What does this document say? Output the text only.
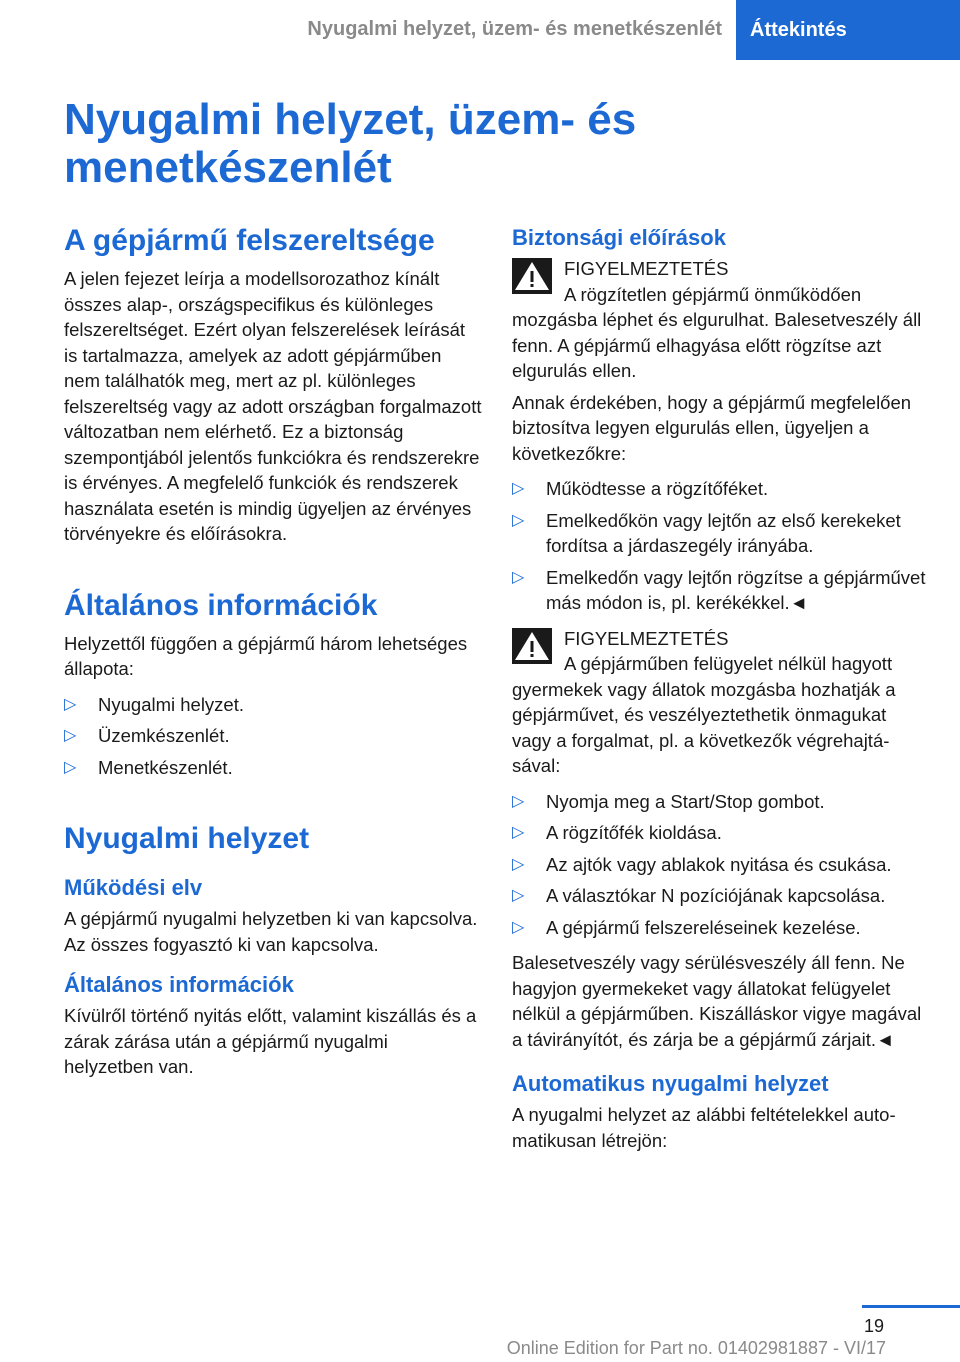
Nyugalmi helyzet, üzem- és menetkészenlét	Áttekintés
Nyugalmi helyzet, üzem- és
menetkészenlét
A gépjármű felszereltsége

A jelen fejezet leírja a modellsorozathoz kínált összes alap-, országspecifikus és különleges felszereltséget. Ezért olyan felszerelések leírását is tartalmazza, amelyek az adott gépjárműben nem találhatók meg, mert az pl. különleges felszereltség vagy az adott országban forgalmazott változatban nem elérhető. Ez a biztonság szempontjából jelentős funkciókra és rendszerekre is érvényes. A megfelelő funkciók és rendszerek használata esetén is mindig ügyeljen az érvényes törvényekre és előírásokra.

Általános információk

Helyzettől függően a gépjármű három lehetséges állapota:

▷ Nyugalmi helyzet.
▷ Üzemkészenlét.
▷ Menetkészenlét.
Nyugalmi helyzet
Működési elv

A gépjármű nyugalmi helyzetben ki van kapcsolva. Az összes fogyasztó ki van kapcsolva.

Általános információk

Kívülről történő nyitás előtt, valamint kiszállás és a zárak zárása után a gépjármű nyugalmi helyzetben van.

Biztonsági előírások
FIGYELMEZTETÉS
A rögzítetlen gépjármű önműködően mozgásba léphet és elgurulhat. Balesetveszély áll fenn. A gépjármű elhagyása előtt rögzítse azt elgurulás ellen.

Annak érdekében, hogy a gépjármű megfelelően biztosítva legyen elgurulás ellen, ügyeljen a következőkre:

▷ Működtesse a rögzítőféket.
▷ Emelkedőkön vagy lejtőn az első kerekeket fordítsa a járdaszegély irányába.
▷ Emelkedőn vagy lejtőn rögzítse a gépjárművet más módon is, pl. kerékékkel.◄
FIGYELMEZTETÉS
A gépjárműben felügyelet nélkül hagyott gyermekek vagy állatok mozgásba hozhatják a gépjárművet, és veszélyeztethetik önmagukat vagy a forgalmat, pl. a következők végrehajtásával:
▷ Nyomja meg a Start/Stop gombot.
▷ A rögzítőfék kioldása.
▷ Az ajtók vagy ablakok nyitása és csukása.
▷ A választókar N pozíciójának kapcsolása.
▷ A gépjármű felszereléseinek kezelése.

Balesetveszély vagy sérülésveszély áll fenn. Ne hagyjon gyermekeket vagy állatokat felügyelet nélkül a gépjárműben. Kiszálláskor vigye magával a távirányítót, és zárja be a gépjármű zárjait.◄

Automatikus nyugalmi helyzet

A nyugalmi helyzet az alábbi feltételekkel automatikusan létrejön:

19
Online Edition for Part no. 01402981887 - VI/17
